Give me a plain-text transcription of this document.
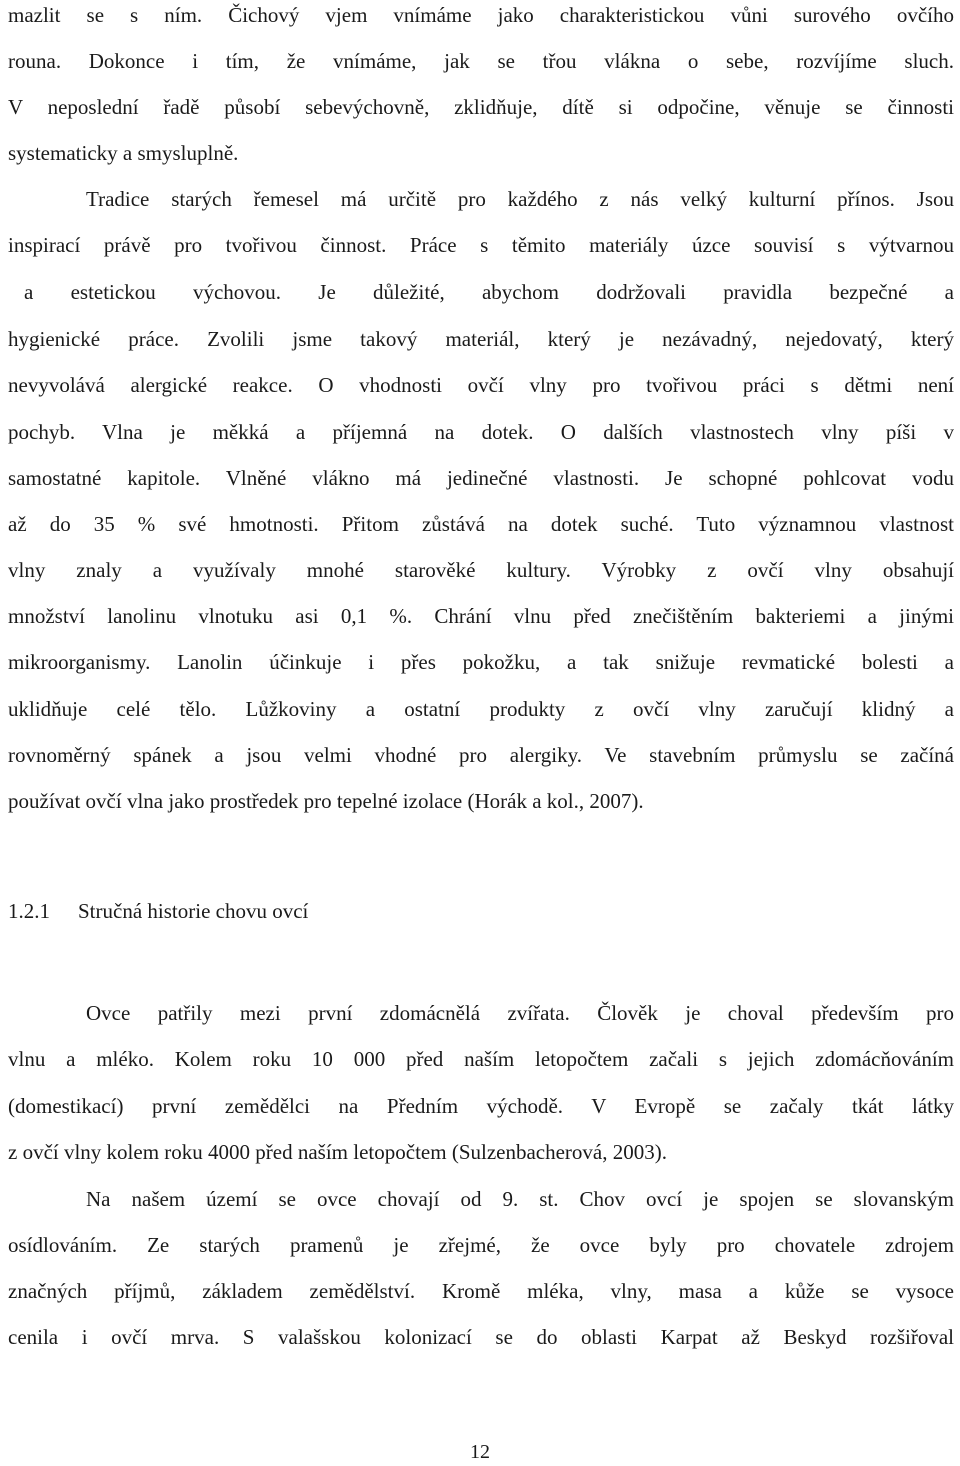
mazlit se s ním. Čichový vjem vnímáme jako charakteristickou vůni surového ovčího
rouna. Dokonce i tím, že vnímáme, jak se třou vlákna o sebe, rozvíjíme sluch.
V neposlední řadě působí sebevýchovně, zklidňuje, dítě si odpočine, věnuje se činnosti
systematicky a smysluplně.
Tradice starých řemesel má určitě pro každého z nás velký kulturní přínos. Jsou
inspirací právě pro tvořivou činnost. Práce s těmito materiály úzce souvisí s výtvarnou
a estetickou výchovou. Je důležité, abychom dodržovali pravidla bezpečné a
hygienické práce. Zvolili jsme takový materiál, který je nezávadný, nejedovatý, který
nevyvolává alergické reakce. O vhodnosti ovčí vlny pro tvořivou práci s dětmi není
pochyb. Vlna je měkká a příjemná na dotek. O dalších vlastnostech vlny píši v
samostatné kapitole. Vlněné vlákno má jedinečné vlastnosti. Je schopné pohlcovat vodu
až do 35 % své hmotnosti. Přitom zůstává na dotek suché. Tuto významnou vlastnost
vlny znaly a využívaly mnohé starověké kultury. Výrobky z ovčí vlny obsahují
množství lanolinu vlnotuku asi 0,1 %. Chrání vlnu před znečištěním bakteriemi a jinými
mikroorganismy. Lanolin účinkuje i přes pokožku, a tak snižuje revmatické bolesti a
uklidňuje celé tělo. Lůžkoviny a ostatní produkty z ovčí vlny zaručují klidný a
rovnoměrný spánek a jsou velmi vhodné pro alergiky. Ve stavebním průmyslu se začíná
používat ovčí vlna jako prostředek pro tepelné izolace (Horák a kol., 2007).
1.2.1 Stručná historie chovu ovcí
Ovce patřily mezi první zdomácnělá zvířata. Člověk je choval především pro
vlnu a mléko. Kolem roku 10 000 před naším letopočtem začali s jejich zdomácňováním
(domestikací) první zemědělci na Předním východě. V Evropě se začaly tkát látky
z ovčí vlny kolem roku 4000 před naším letopočtem (Sulzenbacherová, 2003).
Na našem území se ovce chovají od 9. st. Chov ovcí je spojen se slovanským
osídlováním. Ze starých pramenů je zřejmé, že ovce byly pro chovatele zdrojem
značných příjmů, základem zemědělství. Kromě mléka, vlny, masa a kůže se vysoce
cenila i ovčí mrva. S valašskou kolonizací se do oblasti Karpat až Beskyd rozšiřoval
12
